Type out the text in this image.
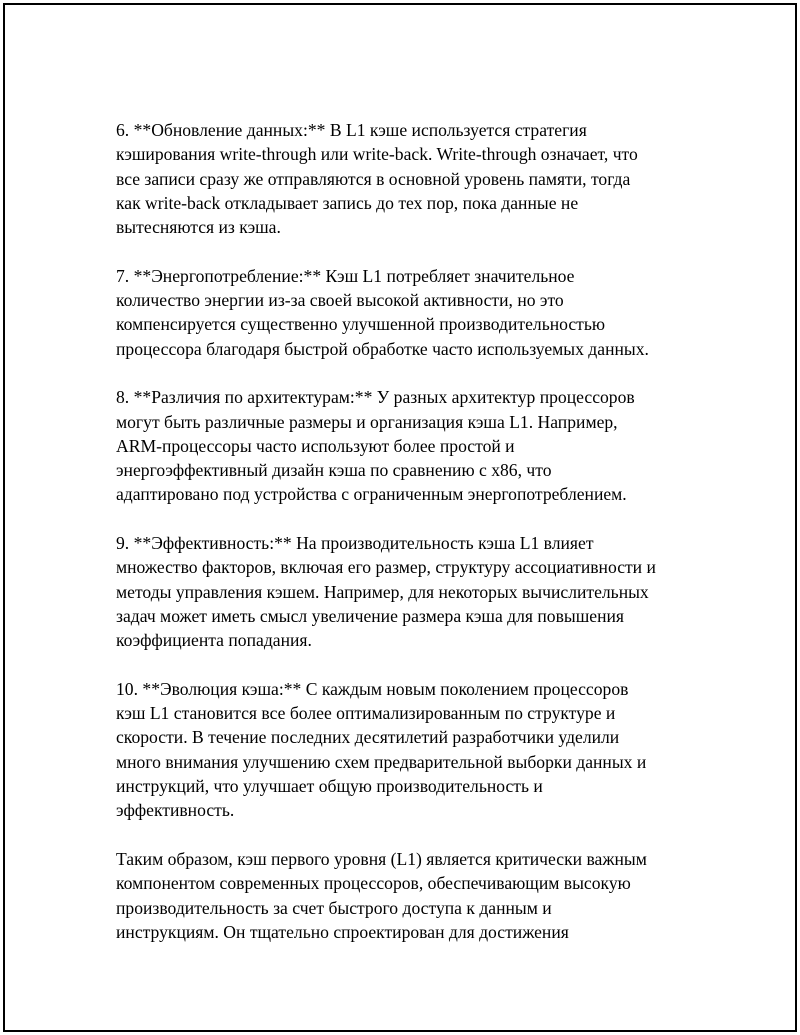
6. **Обновление данных:** В L1 кэше используется стратегия
кэширования write-through или write-back. Write-through означает, что
все записи сразу же отправляются в основной уровень памяти, тогда
как write-back откладывает запись до тех пор, пока данные не
вытесняются из кэша.

7. **Энергопотребление:** Кэш L1 потребляет значительное
количество энергии из-за своей высокой активности, но это
компенсируется существенно улучшенной производительностью
процессора благодаря быстрой обработке часто используемых данных.

8. **Различия по архитектурам:** У разных архитектур процессоров
могут быть различные размеры и организация кэша L1. Например,
ARM-процессоры часто используют более простой и
энергоэффективный дизайн кэша по сравнению с x86, что
адаптировано под устройства с ограниченным энергопотреблением.

9. **Эффективность:** На производительность кэша L1 влияет
множество факторов, включая его размер, структуру ассоциативности и
методы управления кэшем. Например, для некоторых вычислительных
задач может иметь смысл увеличение размера кэша для повышения
коэффициента попадания.

10. **Эволюция кэша:** С каждым новым поколением процессоров
кэш L1 становится все более оптимализированным по структуре и
скорости. В течение последних десятилетий разработчики уделили
много внимания улучшению схем предварительной выборки данных и
инструкций, что улучшает общую производительность и
эффективность.

Таким образом, кэш первого уровня (L1) является критически важным
компонентом современных процессоров, обеспечивающим высокую
производительность за счет быстрого доступа к данным и
инструкциям. Он тщательно спроектирован для достижения
